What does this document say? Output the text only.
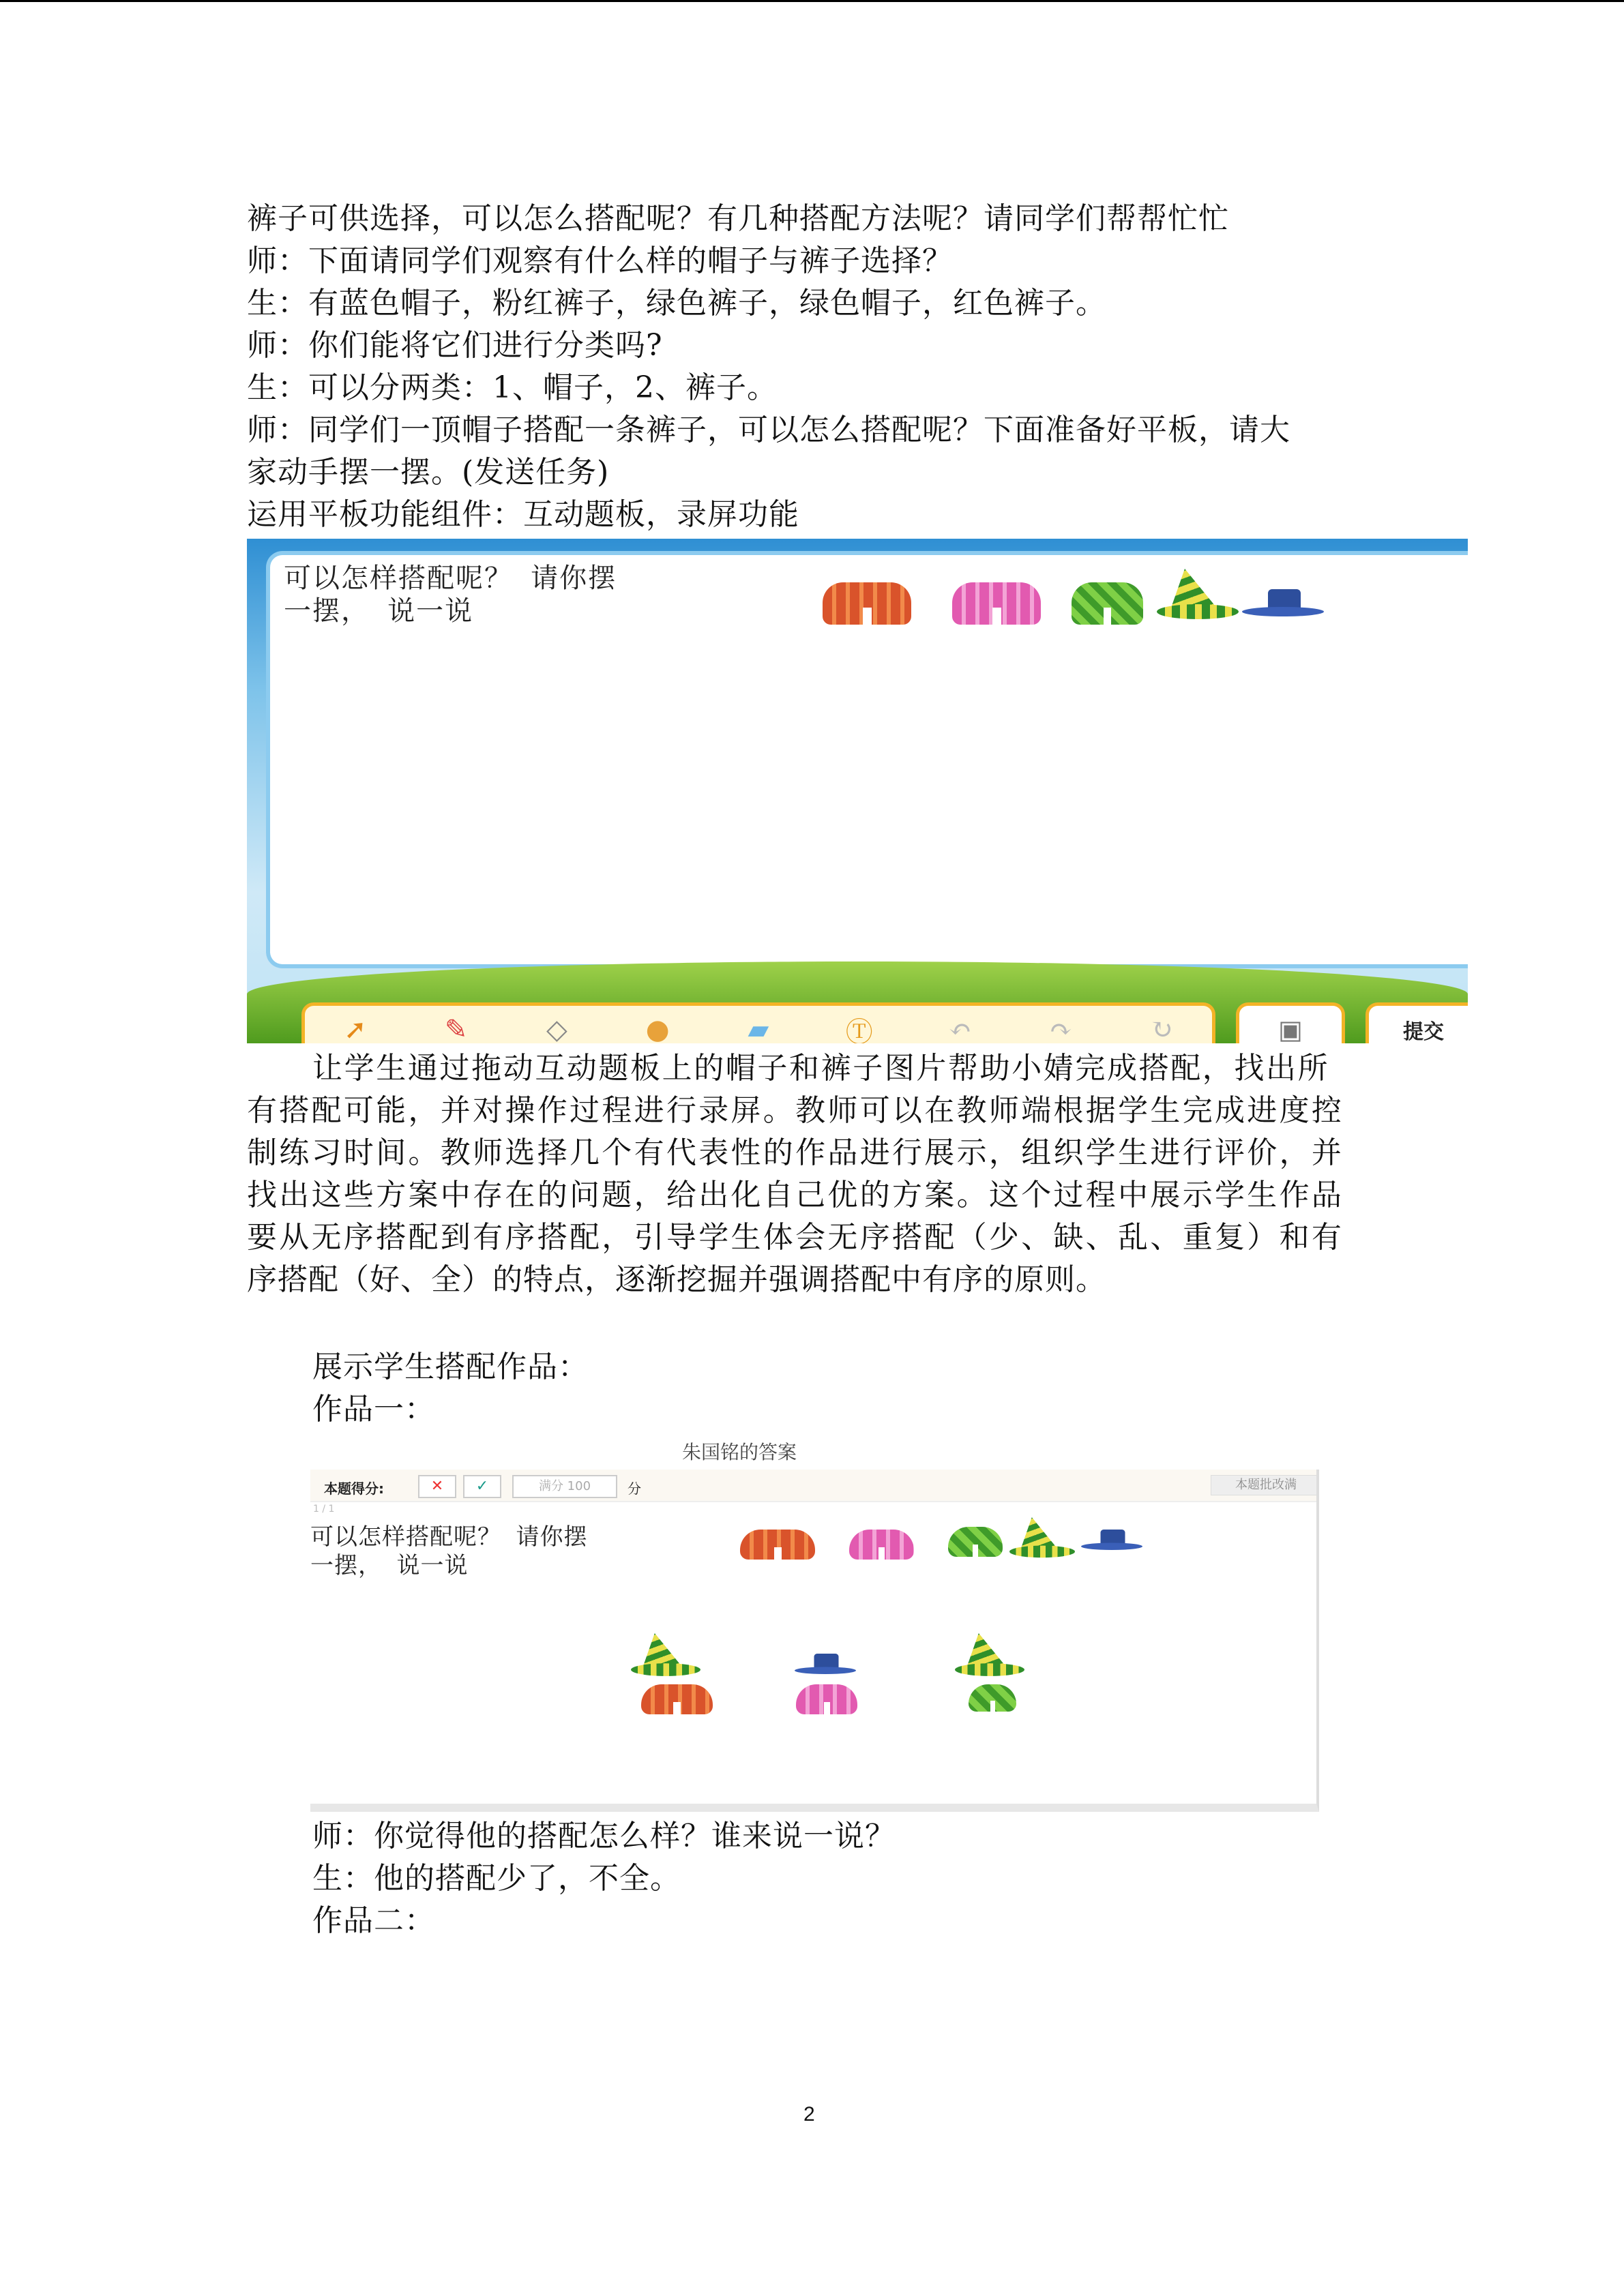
裤子可供选择，可以怎么搭配呢？有几种搭配方法呢？请同学们帮帮忙忙
师：下面请同学们观察有什么样的帽子与裤子选择？
生：有蓝色帽子，粉红裤子，绿色裤子，绿色帽子，红色裤子。
师：你们能将它们进行分类吗?
生：可以分两类：1、帽子，2、裤子。
师：同学们一顶帽子搭配一条裤子，可以怎么搭配呢？下面准备好平板，请大
家动手摆一摆。(发送任务)
运用平板功能组件：互动题板，录屏功能
可以怎样搭配呢？ 请你摆
一摆， 说一说
➚	✎	◇	●	▰	Ⓣ	↶	↷	↻	▣	提交
让学生通过拖动互动题板上的帽子和裤子图片帮助小婧完成搭配，找出所
有搭配可能，并对操作过程进行录屏。教师可以在教师端根据学生完成进度控
制练习时间。教师选择几个有代表性的作品进行展示，组织学生进行评价，并
找出这些方案中存在的问题，给出化自己优的方案。这个过程中展示学生作品
要从无序搭配到有序搭配，引导学生体会无序搭配（少、缺、乱、重复）和有
序搭配（好、全）的特点，逐渐挖掘并强调搭配中有序的原则。
展示学生搭配作品：
作品一：
朱国铭的答案
本题得分:	✕	✓	满分 100	分	本题批改满
1 / 1
可以怎样搭配呢？ 请你摆
一摆， 说一说
师：你觉得他的搭配怎么样？谁来说一说？
生：他的搭配少了，不全。
作品二：
2
